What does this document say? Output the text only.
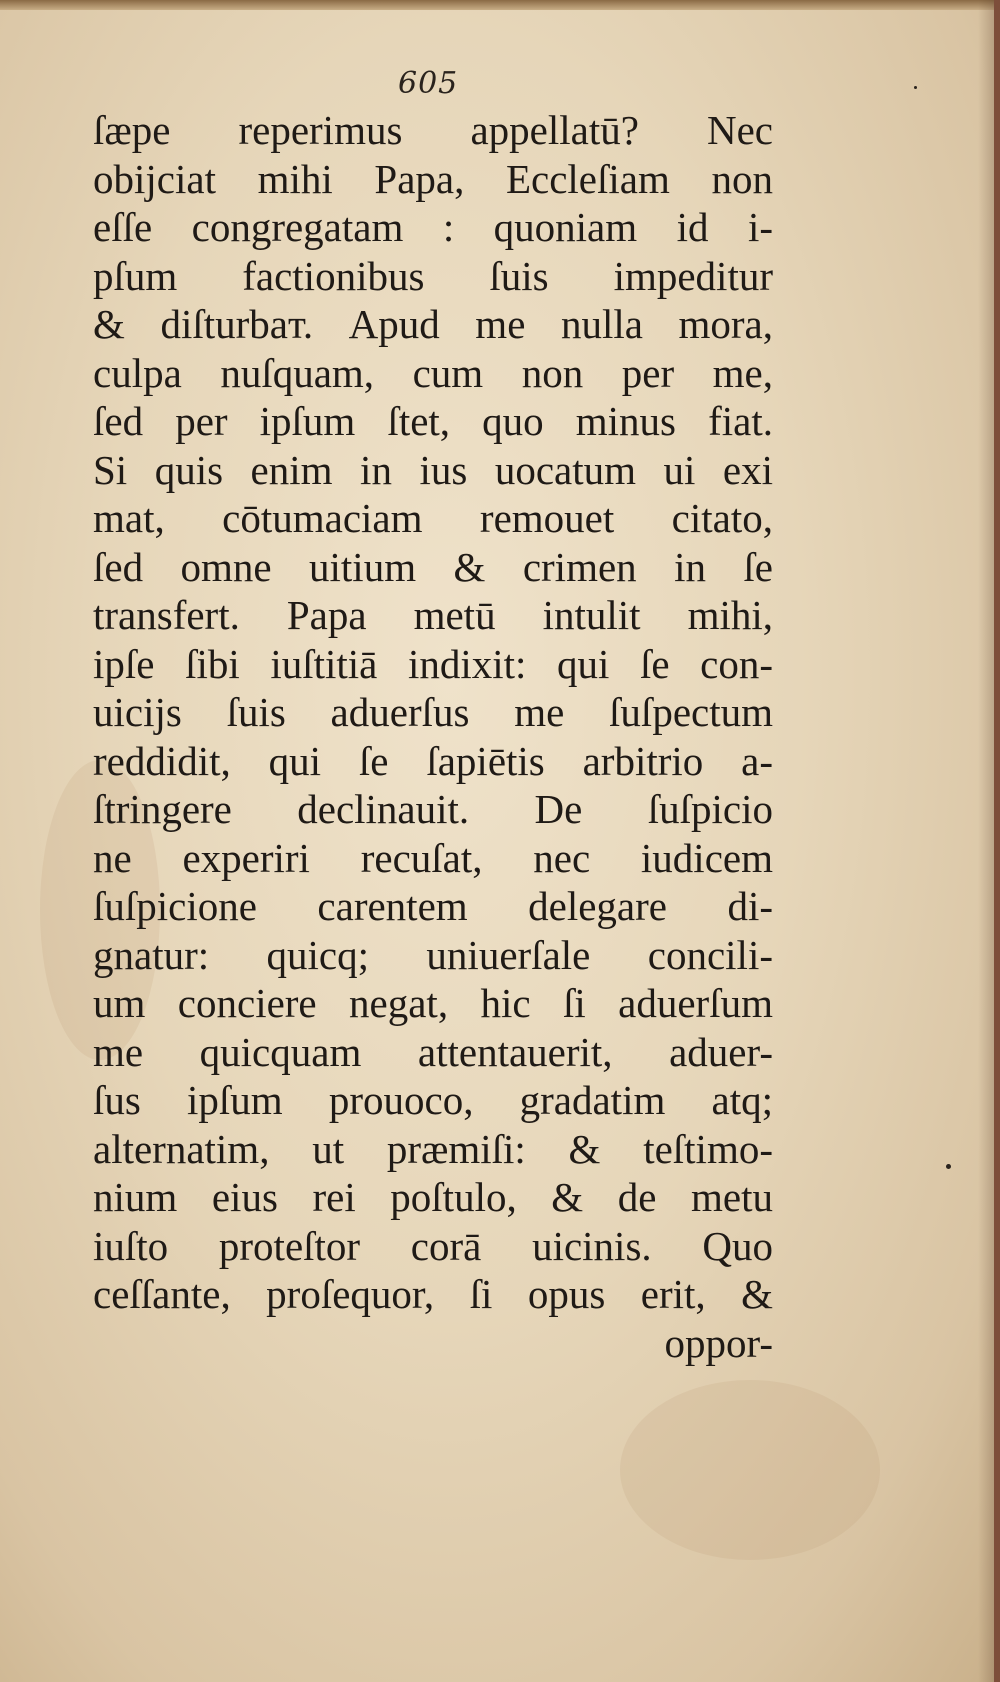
605
ſæpe reperimus appellatū? Nec
obijciat mihi Papa, Eccleſiam non
eſſe congregatam : quoniam id i-
pſum factionibus ſuis impeditur
& diſturbaт. Apud me nulla mora,
culpa nuſquam, cum non per me,
ſed per ipſum ſtet, quo minus fiat.
Si quis enim in ius uocatum ui exi
mat, cōtumaciam remouet citato,
ſed omne uitium & crimen in ſe
transfert. Papa metū intulit mihi,
ipſe ſibi iuſtitiā indixit: qui ſe con-
uicijs ſuis aduerſus me ſuſpectum
reddidit, qui ſe ſapiētis arbitrio a-
ſtringere declinauit. De ſuſpicio
ne experiri recuſat, nec iudicem
ſuſpicione carentem delegare di-
gnatur: quicq; uniuerſale concili-
um conciere negat, hic ſi aduerſum
me quicquam attentauerit, aduer-
ſus ipſum prouoco, gradatim atq;
alternatim, ut præmiſi: & teſtimo-
nium eius rei poſtulo, & de metu
iuſto proteſtor corā uicinis. Quo
ceſſante, proſequor, ſi opus erit, &
oppor-
